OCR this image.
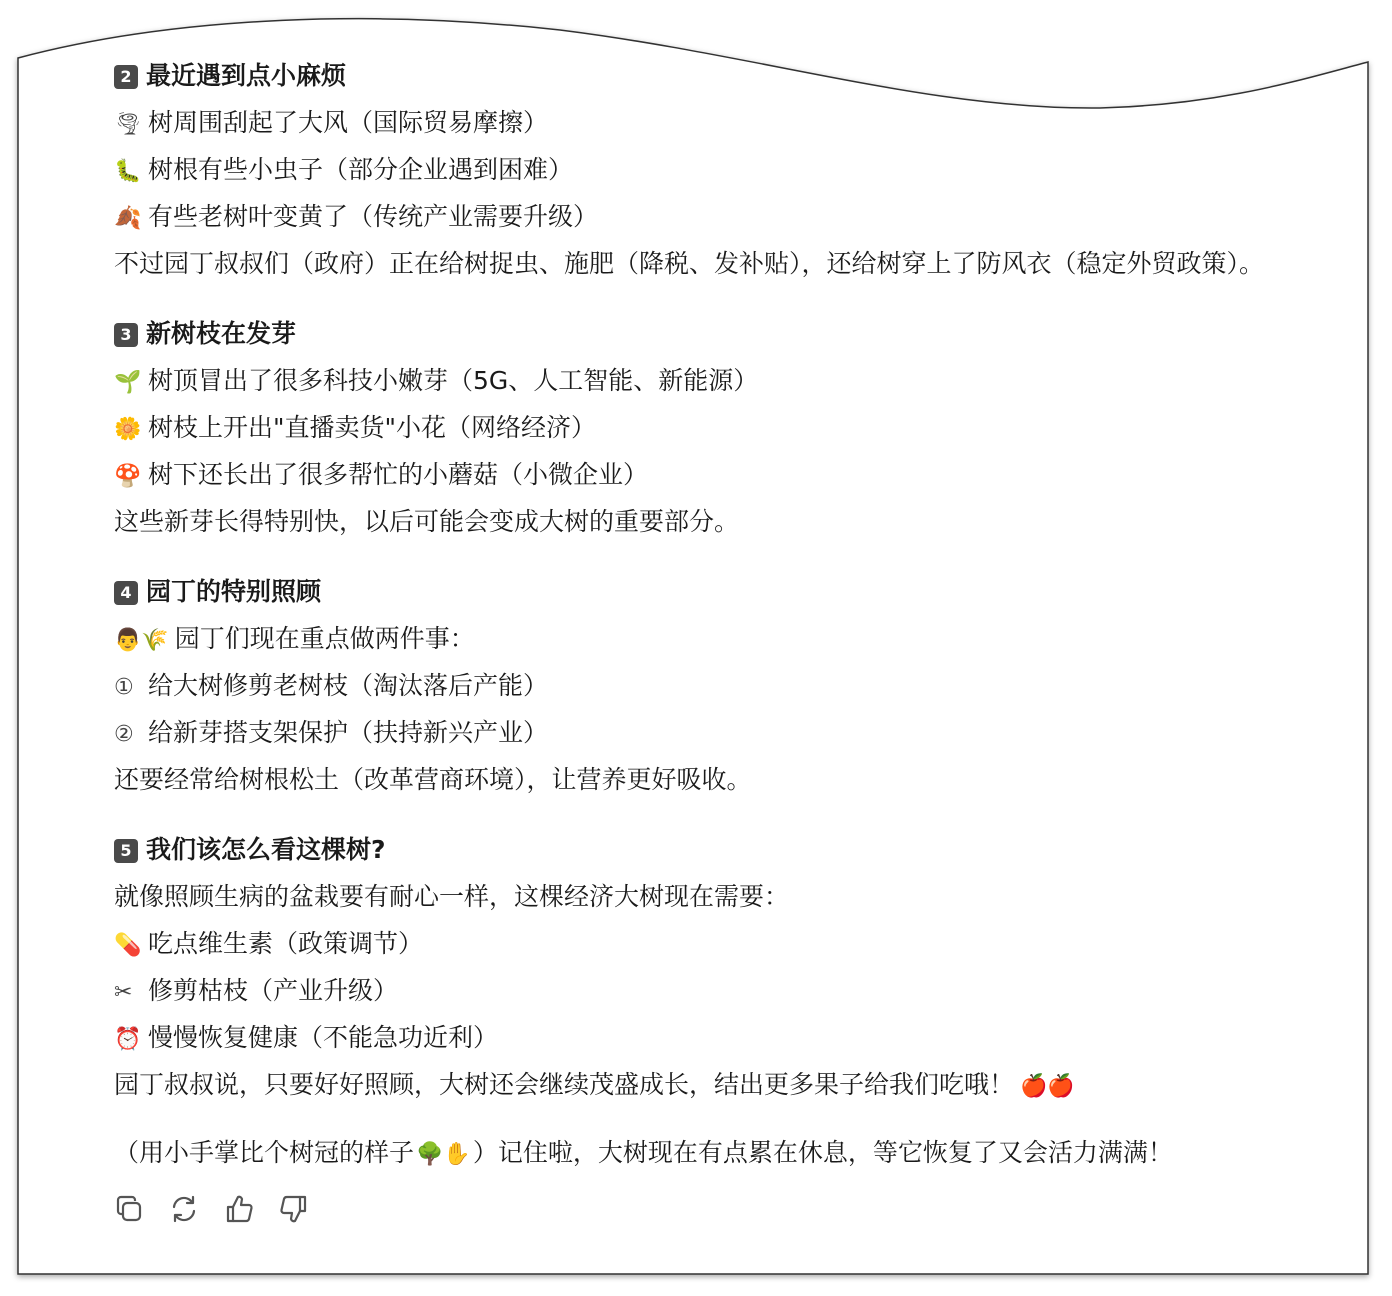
2 最近遇到点小麻烦
🌪 树周围刮起了大风（国际贸易摩擦）
🐛 树根有些小虫子（部分企业遇到困难）
🍂 有些老树叶变黄了（传统产业需要升级）
不过园丁叔叔们（政府）正在给树捉虫、施肥（降税、发补贴），还给树穿上了防风衣（稳定外贸政策）。
3 新树枝在发芽
🌱 树顶冒出了很多科技小嫩芽（5G、人工智能、新能源）
🌼 树枝上开出"直播卖货"小花（网络经济）
🍄 树下还长出了很多帮忙的小蘑菇（小微企业）
这些新芽长得特别快，以后可能会变成大树的重要部分。
4 园丁的特别照顾
👨🌾 园丁们现在重点做两件事：
① 给大树修剪老树枝（淘汰落后产能）
② 给新芽搭支架保护（扶持新兴产业）
还要经常给树根松土（改革营商环境），让营养更好吸收。
5 我们该怎么看这棵树?
就像照顾生病的盆栽要有耐心一样，这棵经济大树现在需要：
💊 吃点维生素（政策调节）
✂ 修剪枯枝（产业升级）
⏰ 慢慢恢复健康（不能急功近利）
园丁叔叔说，只要好好照顾，大树还会继续茂盛成长，结出更多果子给我们吃哦！ 🍎🍎
（用小手掌比个树冠的样子🌳✋）记住啦，大树现在有点累在休息，等它恢复了又会活力满满！
